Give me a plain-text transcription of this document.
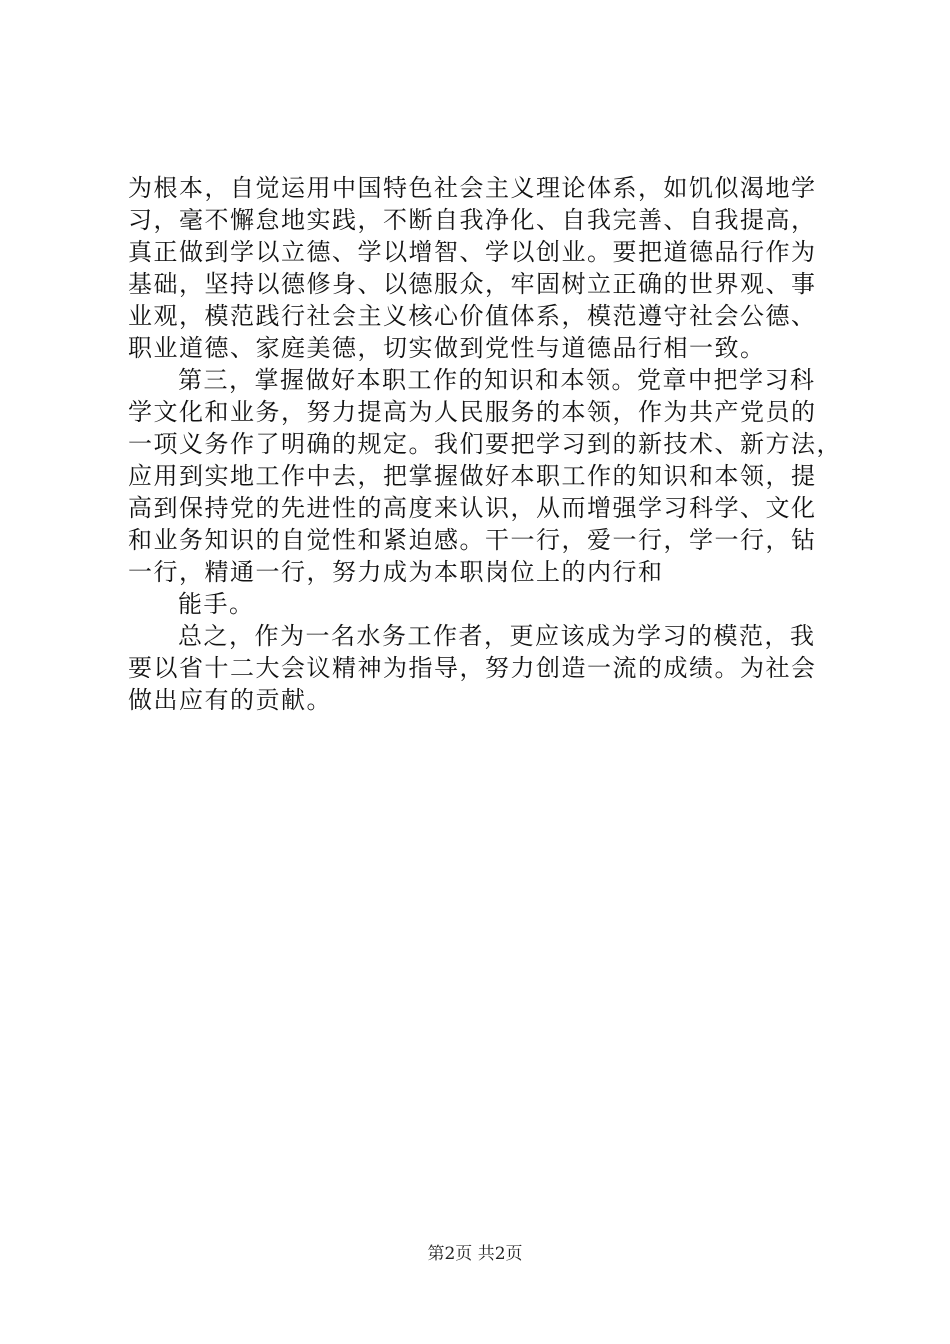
为根本，自觉运用中国特色社会主义理论体系，如饥似渴地学
习，毫不懈怠地实践，不断自我净化、自我完善、自我提高，
真正做到学以立德、学以增智、学以创业。要把道德品行作为
基础，坚持以德修身、以德服众，牢固树立正确的世界观、事
业观，模范践行社会主义核心价值体系，模范遵守社会公德、
职业道德、家庭美德，切实做到党性与道德品行相一致。
第三，掌握做好本职工作的知识和本领。党章中把学习科
学文化和业务，努力提高为人民服务的本领，作为共产党员的
一项义务作了明确的规定。我们要把学习到的新技术、新方法，
应用到实地工作中去，把掌握做好本职工作的知识和本领，提
高到保持党的先进性的高度来认识，从而增强学习科学、文化
和业务知识的自觉性和紧迫感。干一行，爱一行，学一行，钻
一行，精通一行，努力成为本职岗位上的内行和
能手。
总之，作为一名水务工作者，更应该成为学习的模范，我
要以省十二大会议精神为指导，努力创造一流的成绩。为社会
做出应有的贡献。
第2页 共2页
